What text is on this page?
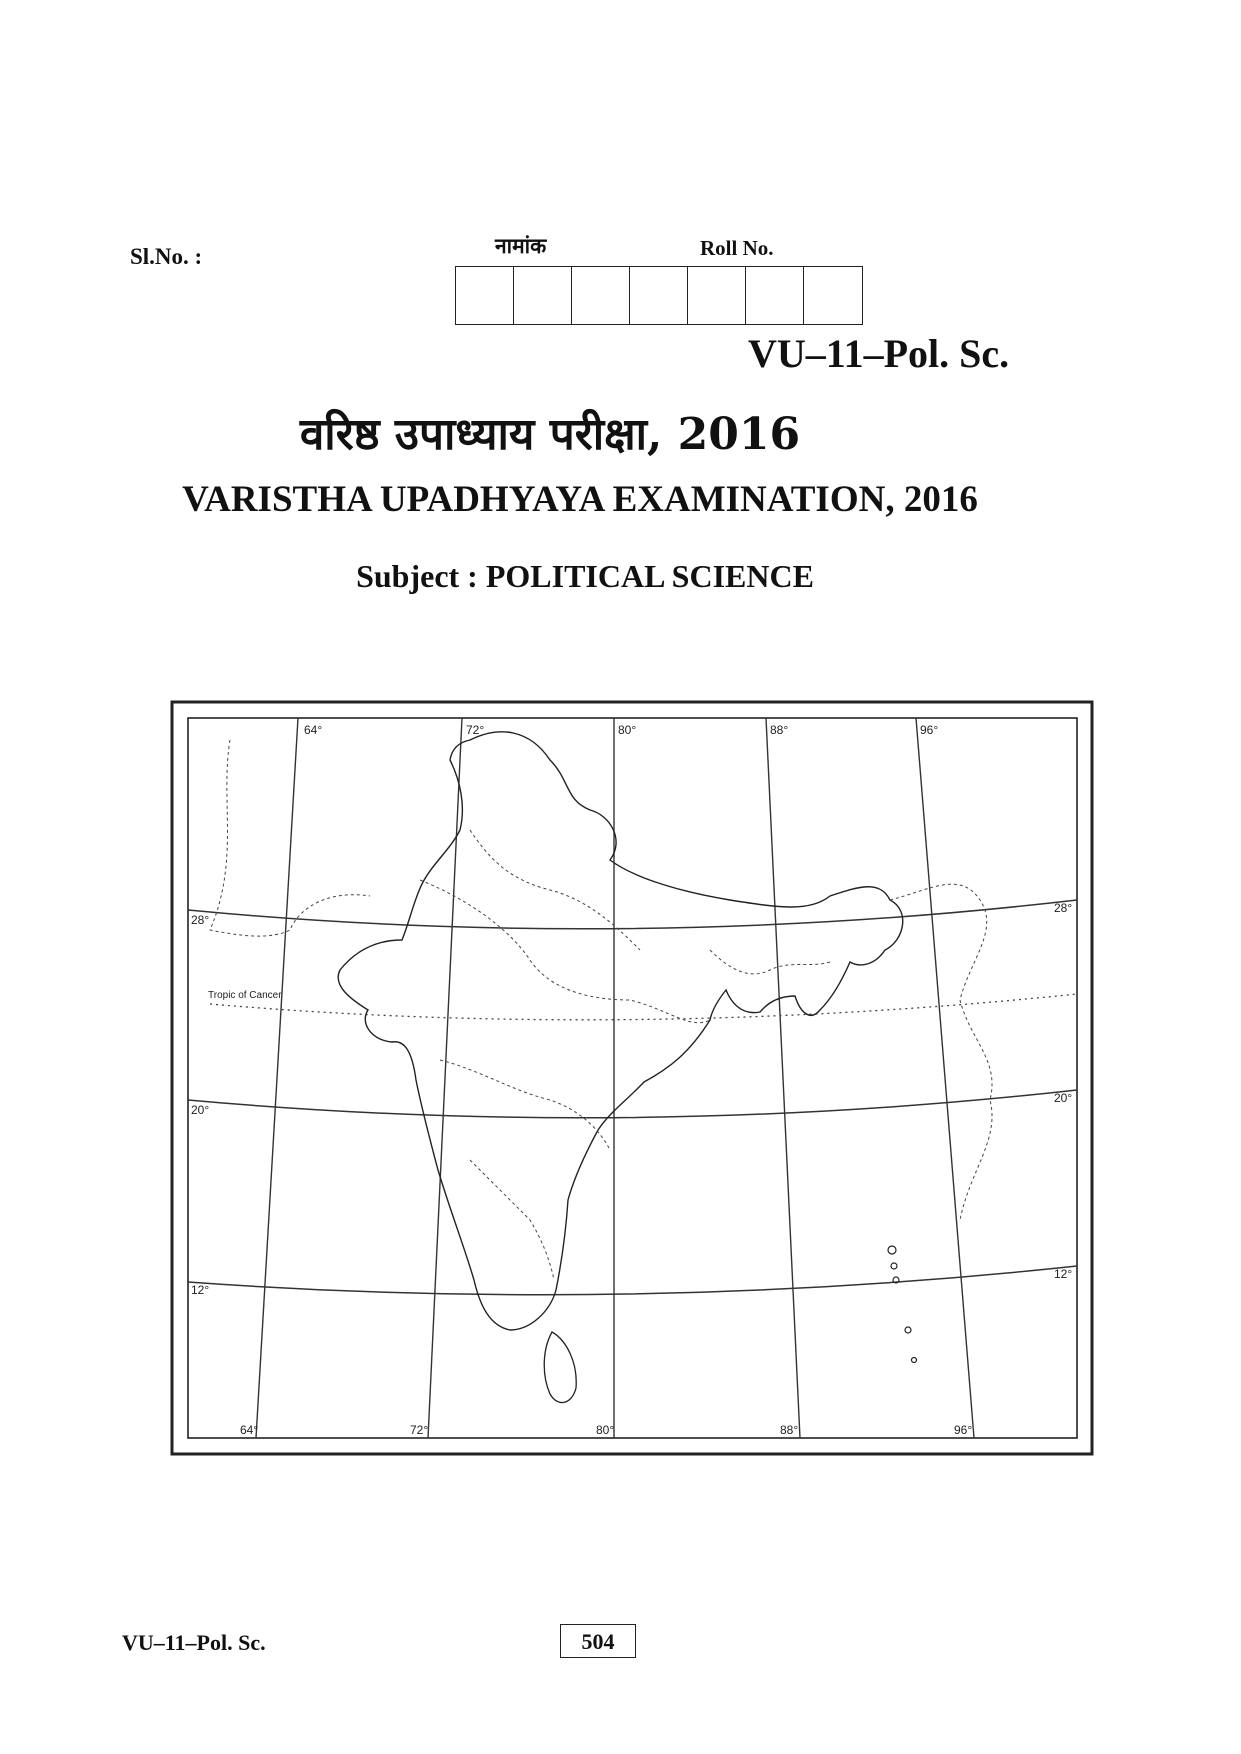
Sl.No. :	नामांक	Roll No.
VU–11–Pol. Sc.
वरिष्ठ उपाध्याय परीक्षा, 2016
VARISTHA UPADHYAYA EXAMINATION, 2016
Subject : POLITICAL SCIENCE
64°	72°	80°	88°	96°
64°	72°	80°	88°	96°
28°
20°
12°
28°
20°
12°
Tropic of Cancer
VU–11–Pol. Sc.	504
